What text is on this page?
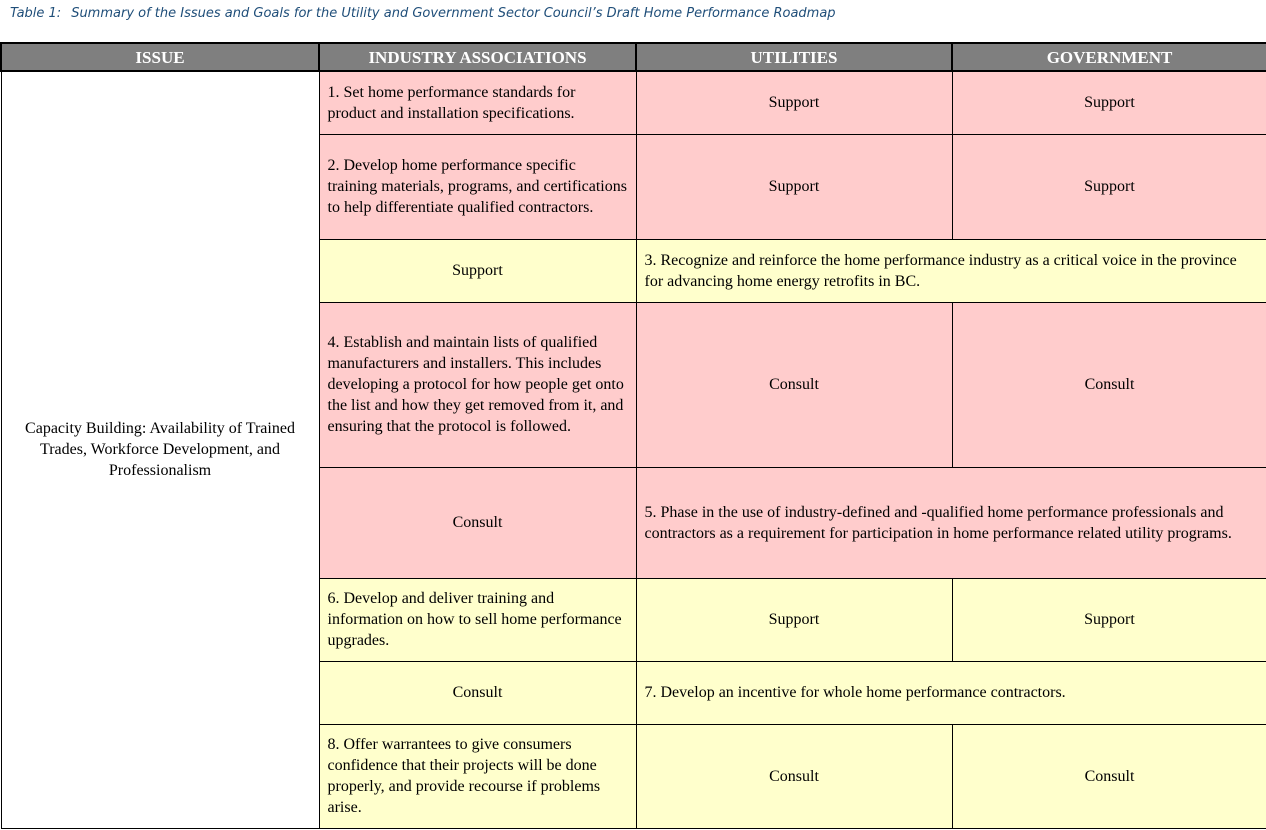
Table 1: Summary of the Issues and Goals for the Utility and Government Sector Council’s Draft Home Performance Roadmap
ISSUE	INDUSTRY ASSOCIATIONS	UTILITIES	GOVERNMENT
Capacity Building: Availability of Trained Trades, Workforce Development, and Professionalism	1. Set home performance standards for product and installation specifications.	Support	Support
	2. Develop home performance specific training materials, programs, and certifications to help differentiate qualified contractors.	Support	Support
	Support	3. Recognize and reinforce the home performance industry as a critical voice in the province for advancing home energy retrofits in BC.	
	4. Establish and maintain lists of qualified manufacturers and installers. This includes developing a protocol for how people get onto the list and how they get removed from it, and ensuring that the protocol is followed.	Consult	Consult
	Consult	5. Phase in the use of industry-defined and -qualified home performance professionals and contractors as a requirement for participation in home performance related utility programs.	
	6. Develop and deliver training and information on how to sell home performance upgrades.	Support	Support
	Consult	7. Develop an incentive for whole home performance contractors.	
	8. Offer warrantees to give consumers confidence that their projects will be done properly, and provide recourse if problems arise.	Consult	Consult
